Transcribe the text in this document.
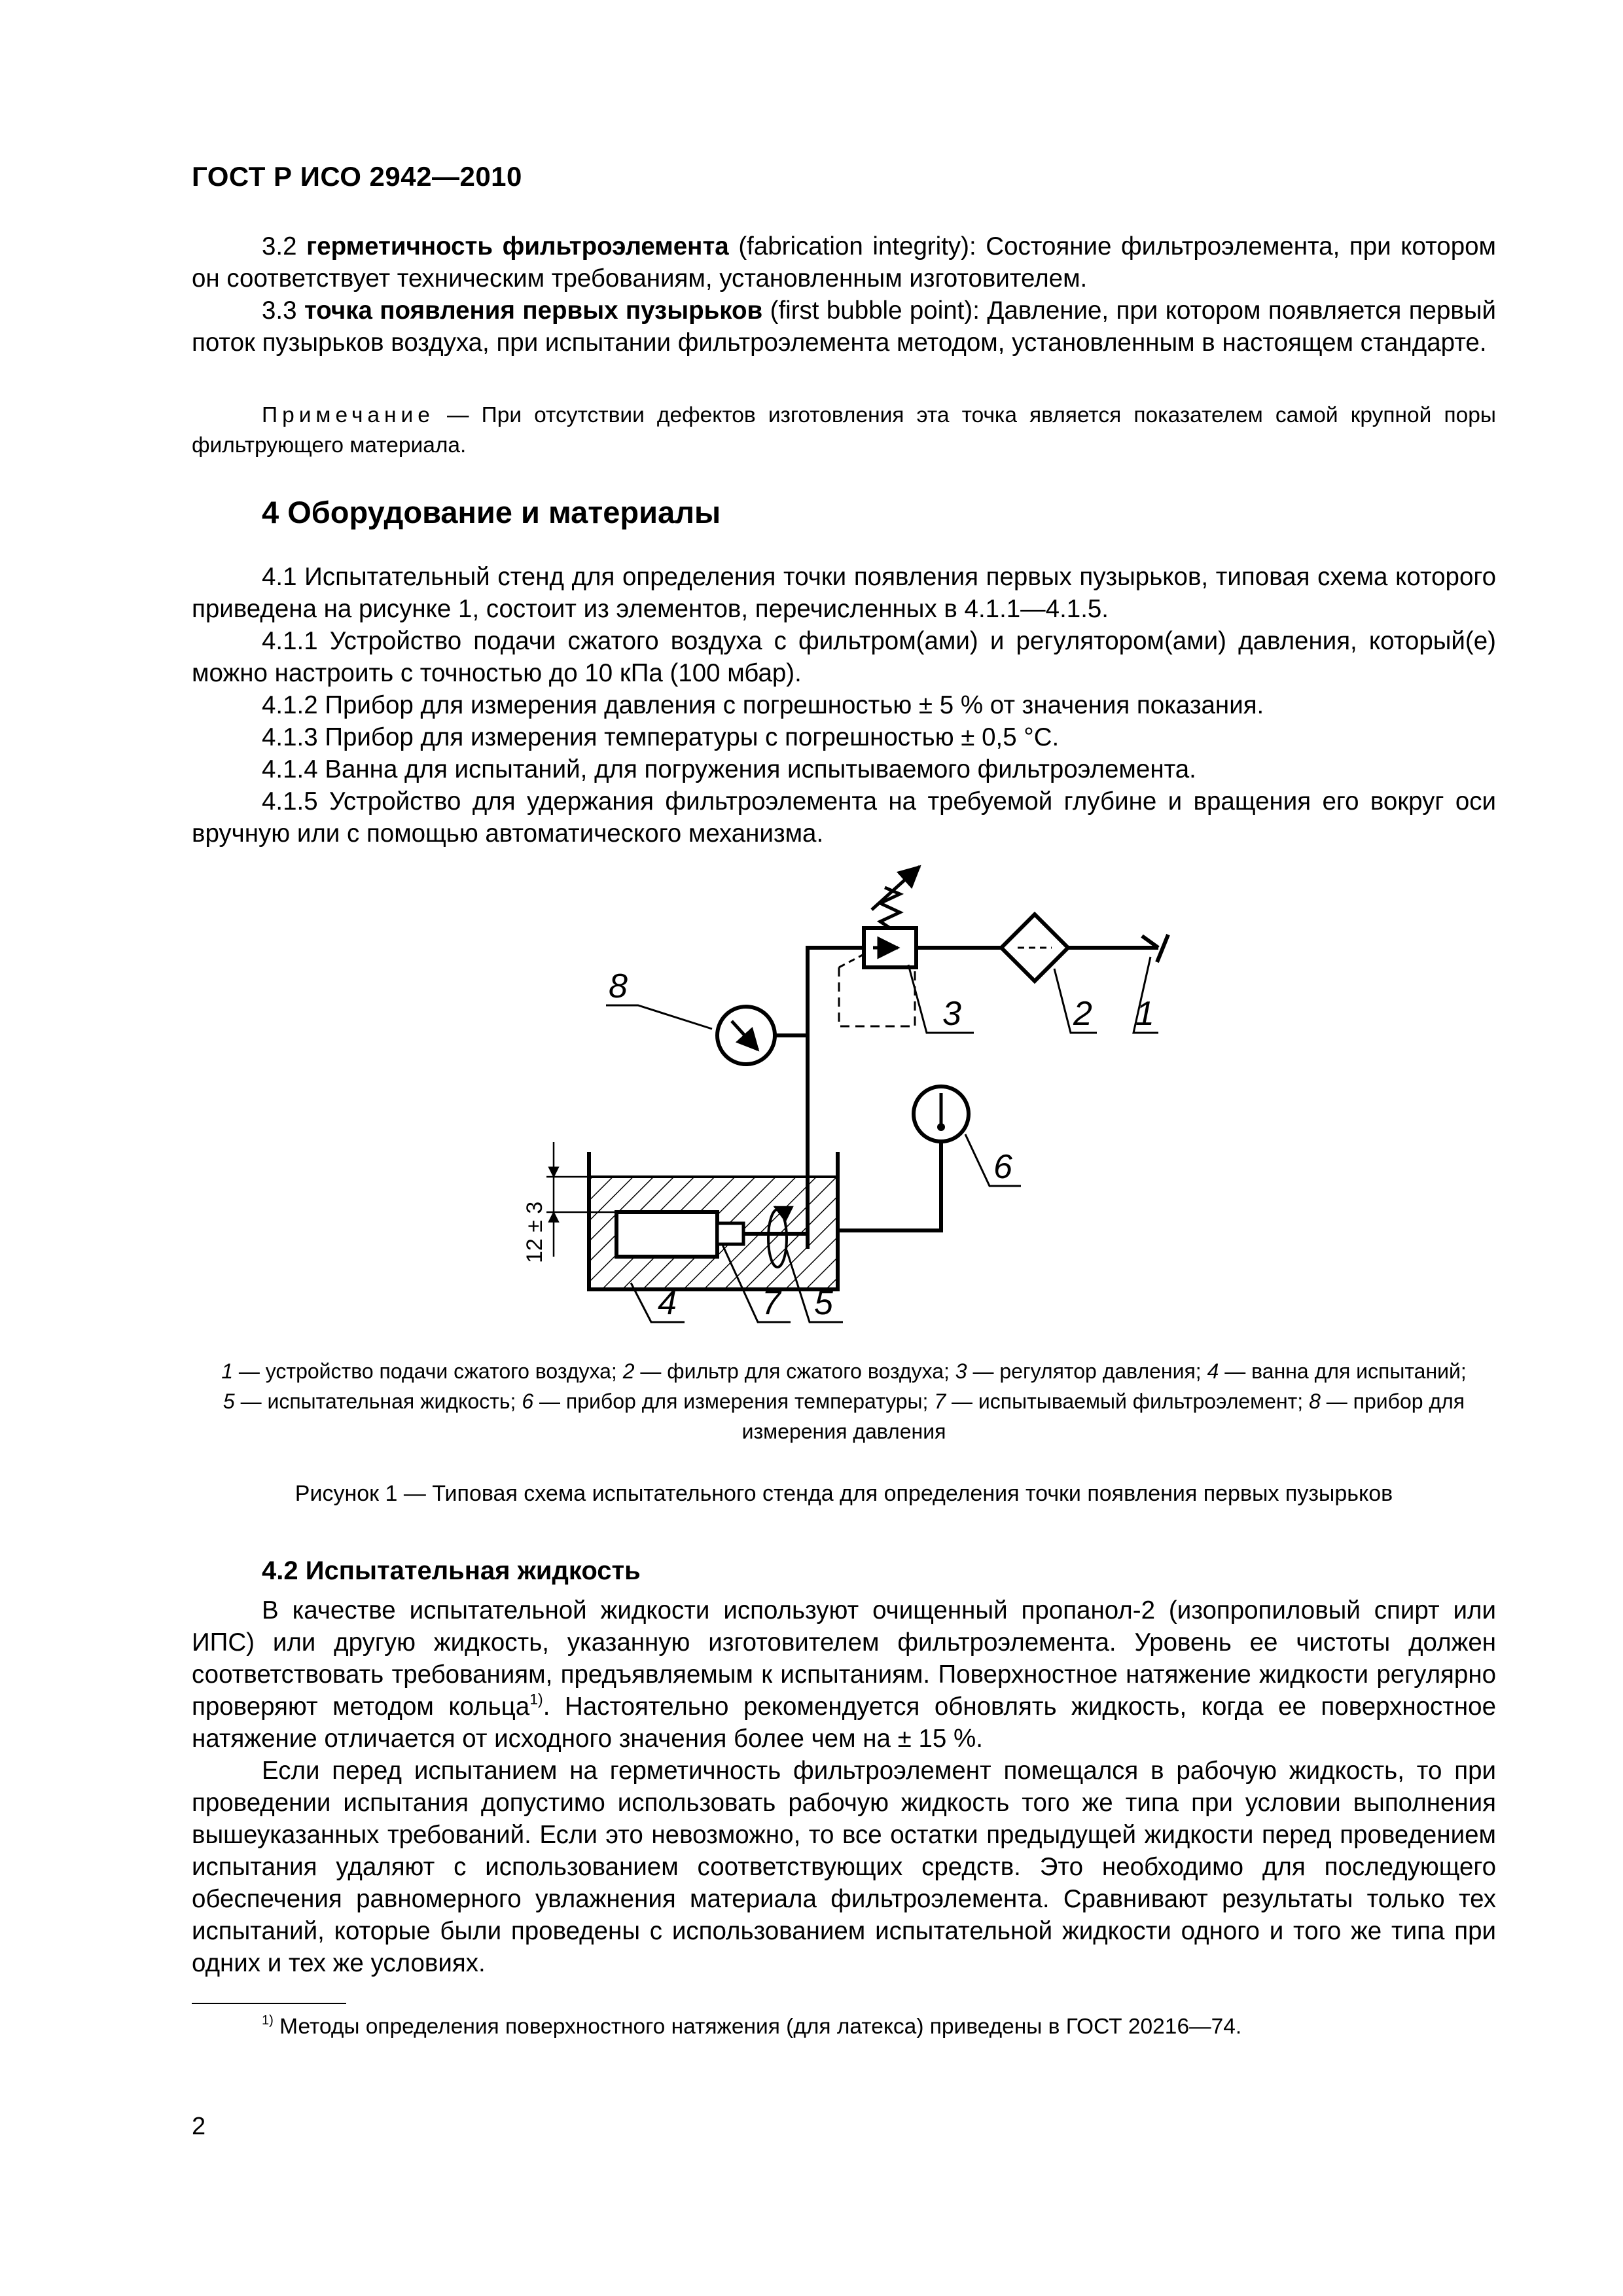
ГОСТ Р ИСО 2942—2010

3.2 герметичность фильтроэлемента (fabrication integrity): Состояние фильтроэлемента, при котором он соответствует техническим требованиям, установленным изготовителем.

3.3 точка появления первых пузырьков (first bubble point): Давление, при котором появляется первый поток пузырьков воздуха, при испытании фильтроэлемента методом, установленным в настоящем стандарте.

Примечание — При отсутствии дефектов изготовления эта точка является показателем самой крупной поры фильтрующего материала.

4 Оборудование и материалы

4.1 Испытательный стенд для определения точки появления первых пузырьков, типовая схема которого приведена на рисунке 1, состоит из элементов, перечисленных в 4.1.1—4.1.5.

4.1.1 Устройство подачи сжатого воздуха с фильтром(ами) и регулятором(ами) давления, который(е) можно настроить с точностью до 10 кПа (100 мбар).

4.1.2 Прибор для измерения давления с погрешностью ± 5 % от значения показания.

4.1.3 Прибор для измерения температуры с погрешностью ± 0,5 °С.

4.1.4 Ванна для испытаний, для погружения испытываемого фильтроэлемента.

4.1.5 Устройство для удержания фильтроэлемента на требуемой глубине и вращения его вокруг оси вручную или с помощью автоматического механизма.

12 ± 3
1
2
3
8
6
4	7 5

1 — устройство подачи сжатого воздуха; 2 — фильтр для сжатого воздуха; 3 — регулятор давления; 4 — ванна для испытаний;
5 — испытательная жидкость; 6 — прибор для измерения температуры; 7 — испытываемый фильтроэлемент; 8 — прибор для измерения давления

Рисунок 1 — Типовая схема испытательного стенда для определения точки появления первых пузырьков
4.2 Испытательная жидкость

В качестве испытательной жидкости используют очищенный пропанол-2 (изопропиловый спирт или ИПС) или другую жидкость, указанную изготовителем фильтроэлемента. Уровень ее чистоты должен соответствовать требованиям, предъявляемым к испытаниям. Поверхностное натяжение жидкости регулярно проверяют методом кольца$^{1)}$. Настоятельно рекомендуется обновлять жидкость, когда ее поверхностное натяжение отличается от исходного значения более чем на ± 15 %.

Если перед испытанием на герметичность фильтроэлемент помещался в рабочую жидкость, то при проведении испытания допустимо использовать рабочую жидкость того же типа при условии выполнения вышеуказанных требований. Если это невозможно, то все остатки предыдущей жидкости перед проведением испытания удаляют с использованием соответствующих средств. Это необходимо для последующего обеспечения равномерного увлажнения материала фильтроэлемента. Сравнивают результаты только тех испытаний, которые были проведены с использованием испытательной жидкости одного и того же типа при одних и тех же условиях.

$^{1)}$ Методы определения поверхностного натяжения (для латекса) приведены в ГОСТ 20216—74.
2
